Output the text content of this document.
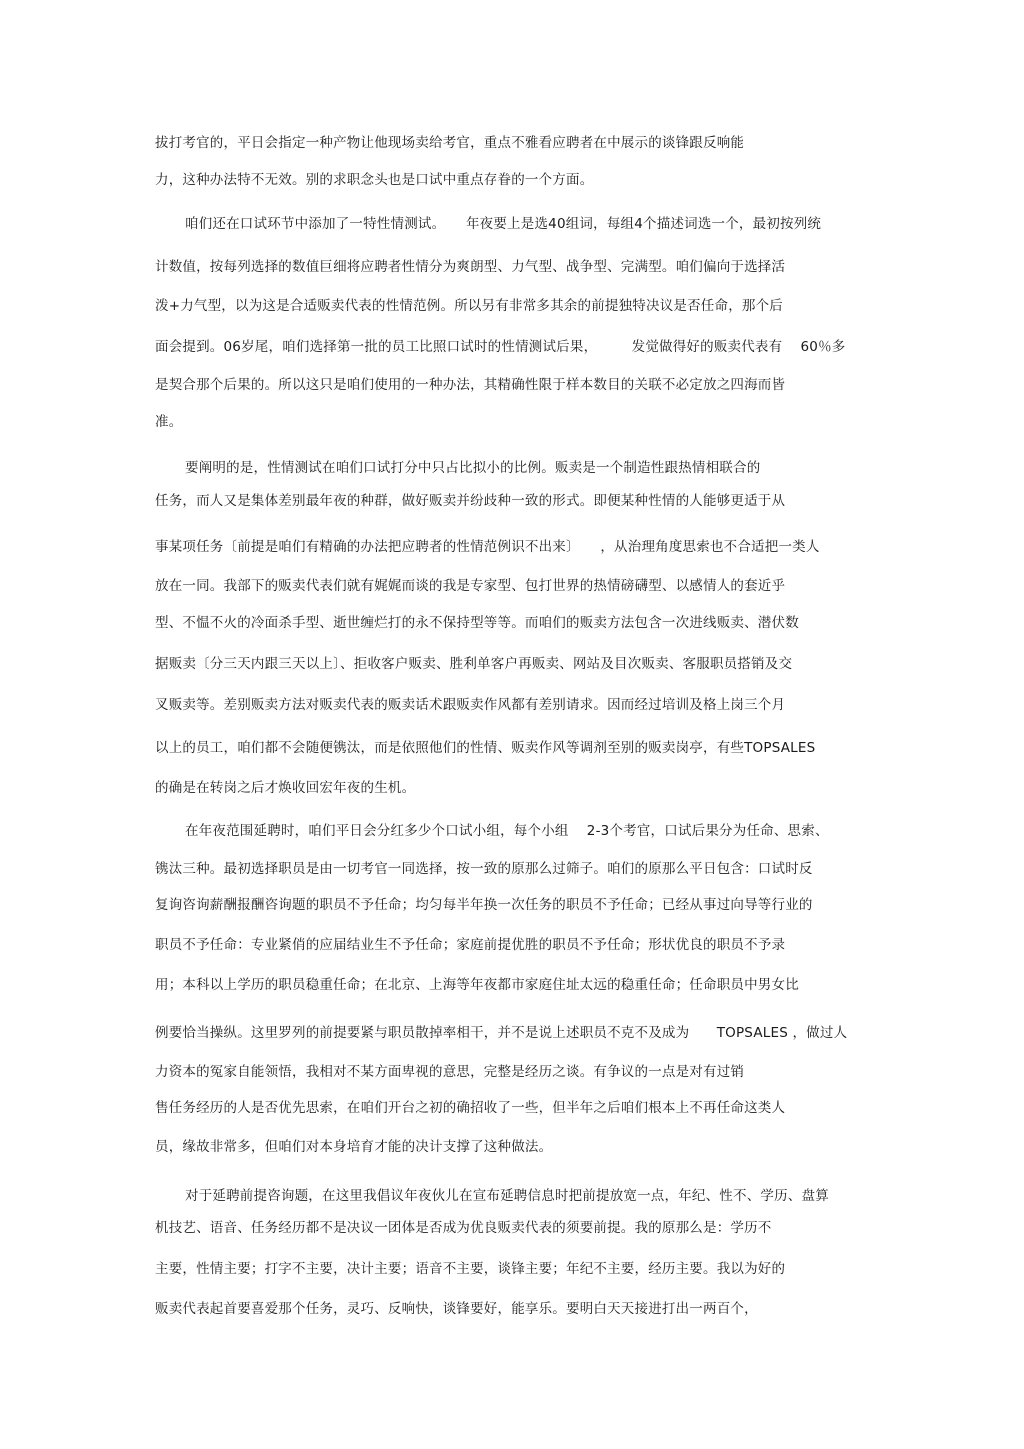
拔打考官的，平日会指定一种产物让他现场卖给考官，重点不雅看应聘者在中展示的谈锋跟反响能
力，这种办法特不无效。别的求职念头也是口试中重点存眷的一个方面。
咱们还在口试环节中添加了一特性情测试。　　年夜要上是选40组词，每组4个描述词选一个，最初按列统
计数值，按每列选择的数值巨细将应聘者性情分为爽朗型、力气型、战争型、完满型。咱们偏向于选择活
泼+力气型，以为这是合适贩卖代表的性情范例。所以另有非常多其余的前提独特决议是否任命，那个后
面会提到。06岁尾，咱们选择第一批的员工比照口试时的性情测试后果，　　　发觉做得好的贩卖代表有　 60％多
是契合那个后果的。所以这只是咱们使用的一种办法，其精确性限于样本数目的关联不必定放之四海而皆
准。
要阐明的是，性情测试在咱们口试打分中只占比拟小的比例。贩卖是一个制造性跟热情相联合的
任务，而人又是集体差别最年夜的种群，做好贩卖并纷歧种一致的形式。即便某种性情的人能够更适于从
事某项任务〔前提是咱们有精确的办法把应聘者的性情范例识不出来〕　　，从治理角度思索也不合适把一类人
放在一同。我部下的贩卖代表们就有娓娓而谈的我是专家型、包打世界的热情磅礴型、以感情人的套近乎
型、不愠不火的冷面杀手型、逝世缠烂打的永不保持型等等。而咱们的贩卖方法包含一次进线贩卖、潜伏数
据贩卖〔分三天内跟三天以上〕、拒收客户贩卖、胜利单客户再贩卖、网站及目次贩卖、客服职员搭销及交
叉贩卖等。差别贩卖方法对贩卖代表的贩卖话术跟贩卖作风都有差别请求。因而经过培训及格上岗三个月
以上的员工，咱们都不会随便镌汰，而是依照他们的性情、贩卖作风等调剂至别的贩卖岗亭，有些TOPSALES
的确是在转岗之后才焕收回宏年夜的生机。
在年夜范围延聘时，咱们平日会分红多少个口试小组，每个小组　 2-3个考官，口试后果分为任命、思索、
镌汰三种。最初选择职员是由一切考官一同选择，按一致的原那么过筛子。咱们的原那么平日包含：口试时反
复询咨询薪酬报酬咨询题的职员不予任命；均匀每半年换一次任务的职员不予任命；已经从事过向导等行业的
职员不予任命：专业紧俏的应届结业生不予任命；家庭前提优胜的职员不予任命；形状优良的职员不予录
用；本科以上学历的职员稳重任命；在北京、上海等年夜都市家庭住址太远的稳重任命；任命职员中男女比
例要恰当操纵。这里罗列的前提要紧与职员散掉率相干，并不是说上述职员不克不及成为　　TOPSALES ，做过人
力资本的冤家自能领悟，我相对不某方面卑视的意思，完整是经历之谈。有争议的一点是对有过销
售任务经历的人是否优先思索，在咱们开台之初的确招收了一些，但半年之后咱们根本上不再任命这类人
员，缘故非常多，但咱们对本身培育才能的决计支撑了这种做法。
对于延聘前提咨询题，在这里我倡议年夜伙儿在宣布延聘信息时把前提放宽一点，年纪、性不、学历、盘算
机技艺、语音、任务经历都不是决议一团体是否成为优良贩卖代表的须要前提。我的原那么是：学历不
主要，性情主要；打字不主要，决计主要；语音不主要，谈锋主要；年纪不主要，经历主要。我以为好的
贩卖代表起首要喜爱那个任务，灵巧、反响快，谈锋要好，能享乐。要明白天天接进打出一两百个，
